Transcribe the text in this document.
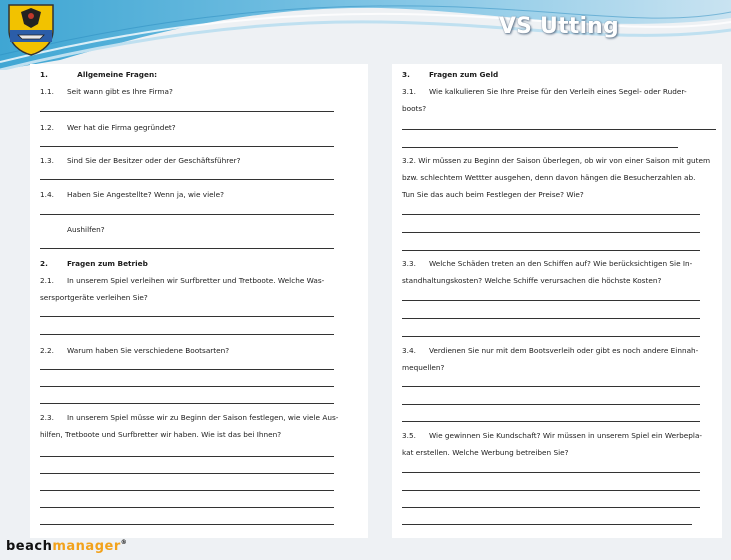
VS Utting
1.	Allgemeine Fragen:
1.1. Seit wann gibt es Ihre Firma?
1.2. Wer hat die Firma gegründet?
1.3. Sind Sie der Besitzer oder der Geschäftsführer?
1.4. Haben Sie Angestellte? Wenn ja, wie viele?
Aushilfen?
2.	Fragen zum Betrieb
2.1. In unserem Spiel verleihen wir Surfbretter und Tretboote. Welche Was-
sersportgeräte verleihen Sie?
2.2. Warum haben Sie verschiedene Bootsarten?
2.3. In unserem Spiel müsse wir zu Beginn der Saison festlegen, wie viele Aus-
hilfen, Tretboote und Surfbretter wir haben. Wie ist das bei Ihnen?
3.	Fragen zum Geld
3.1. Wie kalkulieren Sie Ihre Preise für den Verleih eines Segel- oder Ruder-
boots?
3.2. Wir müssen zu Beginn der Saison überlegen, ob wir von einer Saison mit gutem
bzw. schlechtem Wettter ausgehen, denn davon hängen die Besucherzahlen ab.
Tun Sie das auch beim Festlegen der Preise? Wie?
3.3. Welche Schäden treten an den Schiffen auf? Wie berücksichtigen Sie In-
standhaltungskosten? Welche Schiffe verursachen die höchste Kosten?
3.4. Verdienen Sie nur mit dem Bootsverleih oder gibt es noch andere Einnah-
mequellen?
3.5. Wie gewinnen Sie Kundschaft? Wir müssen in unserem Spiel ein Werbepla-
kat erstellen. Welche Werbung betreiben Sie?
beachmanager®
